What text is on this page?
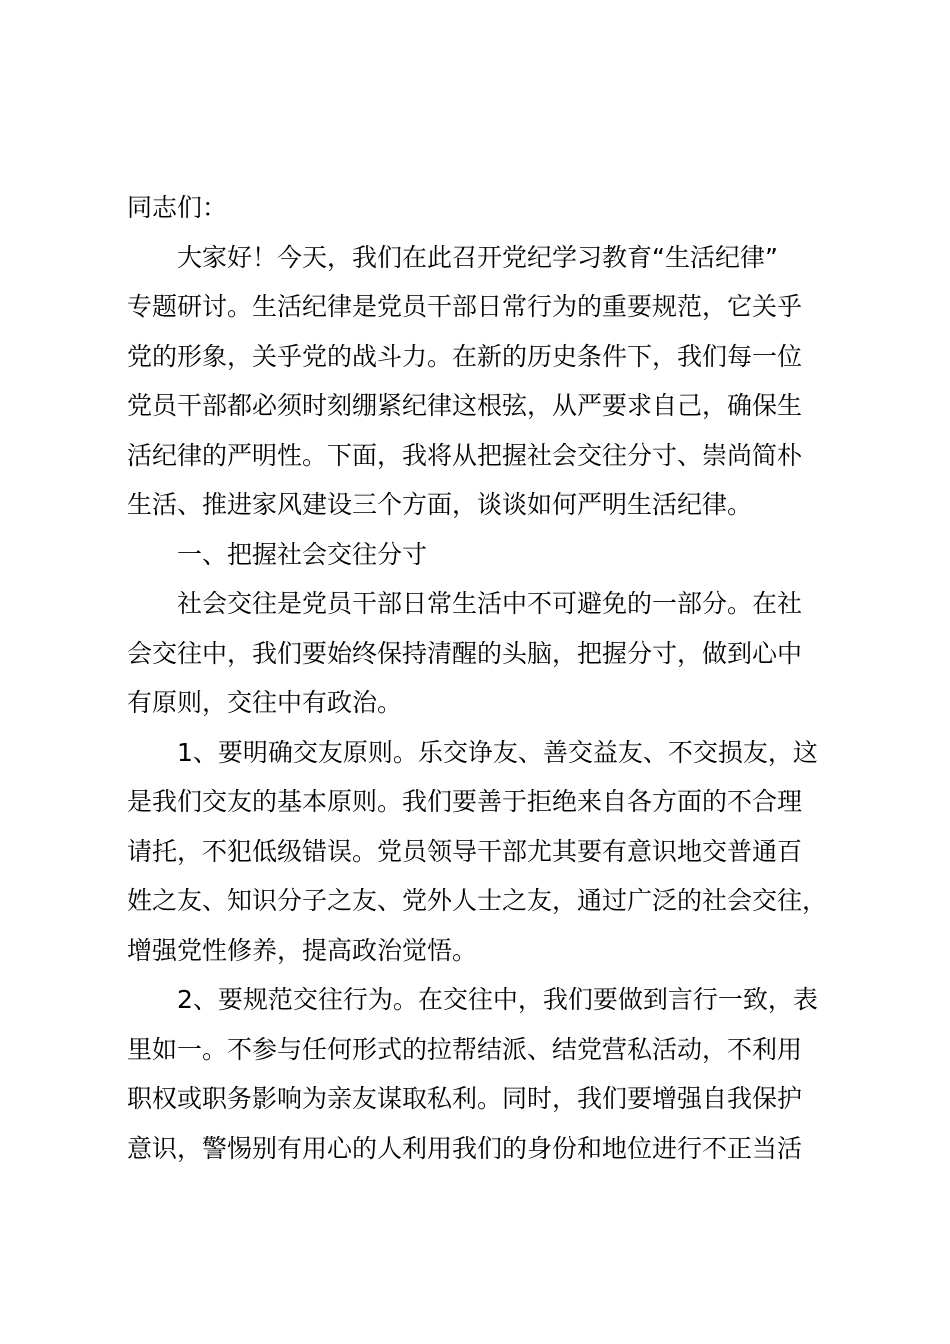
同志们：
大家好！今天，我们在此召开党纪学习教育“生活纪律”
专题研讨。生活纪律是党员干部日常行为的重要规范，它关乎
党的形象，关乎党的战斗力。在新的历史条件下，我们每一位
党员干部都必须时刻绷紧纪律这根弦，从严要求自己，确保生
活纪律的严明性。下面，我将从把握社会交往分寸、崇尚简朴
生活、推进家风建设三个方面，谈谈如何严明生活纪律。
一、把握社会交往分寸
社会交往是党员干部日常生活中不可避免的一部分。在社
会交往中，我们要始终保持清醒的头脑，把握分寸，做到心中
有原则，交往中有政治。
1、要明确交友原则。乐交诤友、善交益友、不交损友，这
是我们交友的基本原则。我们要善于拒绝来自各方面的不合理
请托，不犯低级错误。党员领导干部尤其要有意识地交普通百
姓之友、知识分子之友、党外人士之友，通过广泛的社会交往，
增强党性修养，提高政治觉悟。
2、要规范交往行为。在交往中，我们要做到言行一致，表
里如一。不参与任何形式的拉帮结派、结党营私活动，不利用
职权或职务影响为亲友谋取私利。同时，我们要增强自我保护
意识，警惕别有用心的人利用我们的身份和地位进行不正当活
